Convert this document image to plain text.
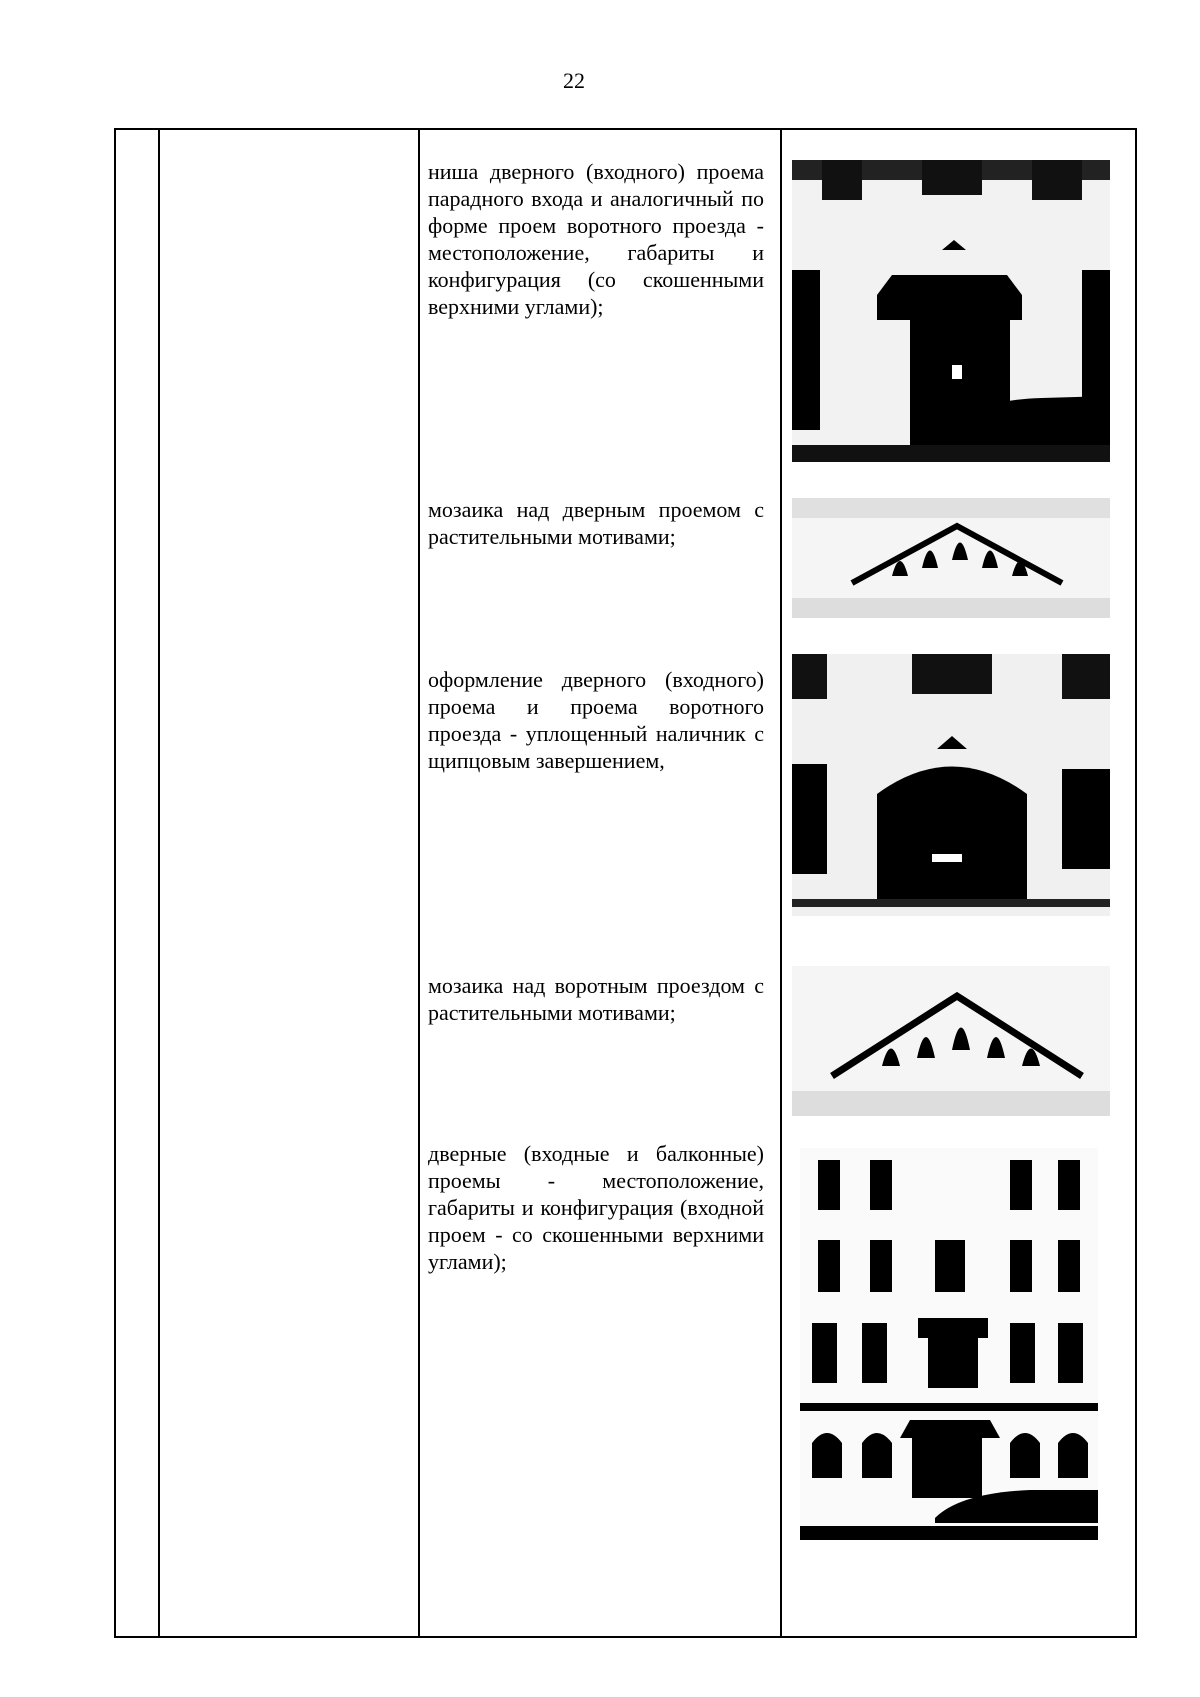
22
ниша дверного (входного) проема парадного входа и аналогичный по форме проем воротного проезда - местоположение, габариты и конфигурация (со скошенными верхними углами);
мозаика над дверным проемом с растительными мотивами;
оформление дверного (входного) проема и проема воротного проезда - уплощенный наличник с щипцовым завершением,
мозаика над воротным проездом с растительными мотивами;
дверные (входные и балконные) проемы - местоположение, габариты и конфигурация (входной проем - со скошенными верхними углами);
